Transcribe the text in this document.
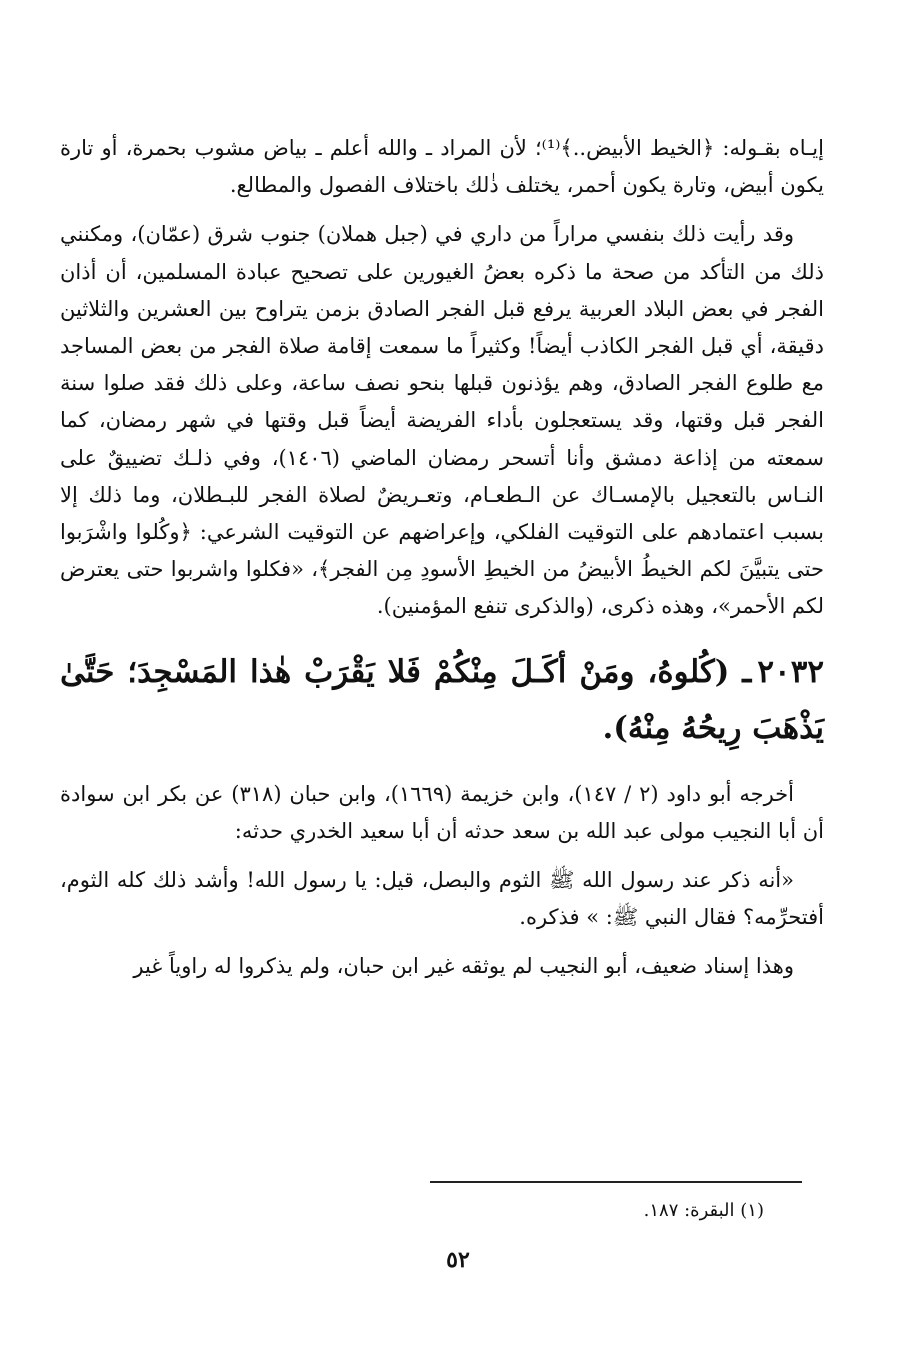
إيـاه بقـوله: ﴿الخيط الأبيض..﴾⁽¹⁾؛ لأن المراد ـ والله أعلم ـ بياض مشوب بحمرة، أو تارة يكون أبيض، وتارة يكون أحمر، يختلف ذٰلك باختلاف الفصول والمطالع.

وقد رأيت ذلك بنفسي مراراً من داري في (جبل هملان) جنوب شرق (عمّان)، ومكنني ذلك من التأكد من صحة ما ذكره بعضُ الغيورين على تصحيح عبادة المسلمين، أن أذان الفجر في بعض البلاد العربية يرفع قبل الفجر الصادق بزمن يتراوح بين العشرين والثلاثين دقيقة، أي قبل الفجر الكاذب أيضاً! وكثيراً ما سمعت إقامة صلاة الفجر من بعض المساجد مع طلوع الفجر الصادق، وهم يؤذنون قبلها بنحو نصف ساعة، وعلى ذلك فقد صلوا سنة الفجر قبل وقتها، وقد يستعجلون بأداء الفريضة أيضاً قبل وقتها في شهر رمضان، كما سمعته من إذاعة دمشق وأنا أتسحر رمضان الماضي (١٤٠٦)، وفي ذلـك تضييقٌ على النـاس بالتعجيل بالإمسـاك عن الـطعـام، وتعـريضٌ لصلاة الفجر للبـطلان، وما ذلك إلا بسبب اعتمادهم على التوقيت الفلكي، وإعراضهم عن التوقيت الشرعي: ﴿وكُلوا واشْرَبوا حتى يتبيَّنَ لكم الخيطُ الأبيضُ من الخيطِ الأسودِ مِن الفجر﴾، «فكلوا واشربوا حتى يعترض لكم الأحمر»، وهذه ذكرى، (والذكرى تنفع المؤمنين).

٢٠٣٢ـ (كُلوهُ، ومَنْ أكَـلَ مِنْكُمْ فَلا يَقْرَبْ هٰذا المَسْجِدَ؛ حَتَّىٰ يَذْهَبَ رِيحُهُ مِنْهُ).

أخرجه أبو داود (٢ / ١٤٧)، وابن خزيمة (١٦٦٩)، وابن حبان (٣١٨) عن بكر ابن سوادة أن أبا النجيب مولى عبد الله بن سعد حدثه أن أبا سعيد الخدري حدثه:

«أنه ذكر عند رسول الله ﷺ الثوم والبصل، قيل: يا رسول الله! وأشد ذلك كله الثوم، أفتحرِّمه؟ فقال النبي ﷺ: » فذكره.

وهذا إسناد ضعيف، أبو النجيب لم يوثقه غير ابن حبان، ولم يذكروا له راوياً غير

(١) البقرة: ١٨٧.
٥٢
